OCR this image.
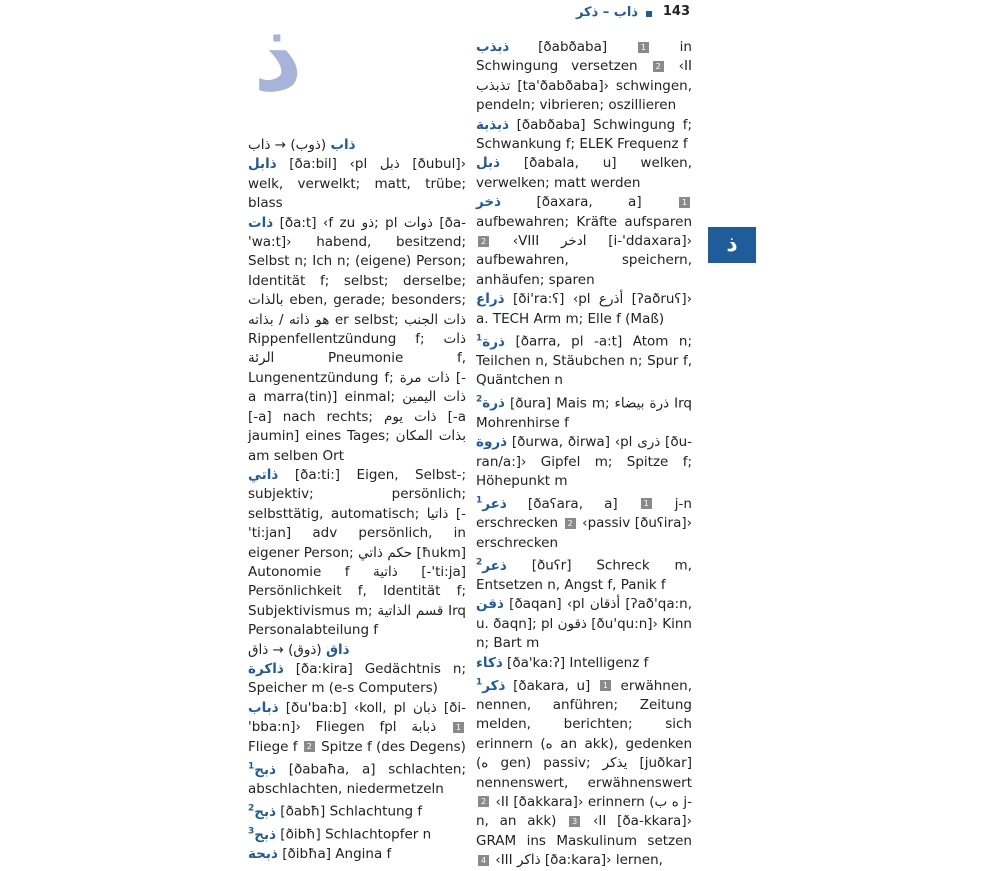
ذاب – ذكر 143
ذ
ذ

ذاب (ذوب) → ذاب

ذابل [ða:bil] ‹pl ذبل [ðubul]› welk, verwelkt; matt, trübe; blass

ذات [ða:t] ‹f zu ذو; pl ذوات [ða-'wa:t]› habend, besitzend; Selbst n; Ich n; (eigene) Person; Identität f; selbst; derselbe; بالذات eben, gerade; besonders; هو ذاته / بذاته er selbst; ذات الجنب Rippenfellentzündung f; ذات الرئة Pneumonie f, Lungenentzündung f; ذات مرة [-a marra(tin)] einmal; ذات اليمين [-a] nach rechts; ذات يوم [-a jaumin] eines Tages; بذات المكان am selben Ort

ذاتي [ða:ti:] Eigen, Selbst-; subjektiv; persönlich; selbsttätig, automatisch; ذاتيا [-'ti:jan] adv persönlich, in eigener Person; حكم ذاتي [ħukm] Autonomie f ذاتية [-'ti:ja] Persönlichkeit f, Identität f; Subjektivismus m; قسم الذاتية Irq Personalabteilung f

ذاق (ذوق) → ذاق

ذاكرة [ða:kira] Gedächtnis n; Speicher m (e-s Computers)

ذباب [ðu'ba:b] ‹koll, pl ذبان [ði-'bba:n]› Fliegen fpl ذبابة 1 Fliege f 2 Spitze f (des Degens)

$^1$ذبح [ðabaħa, a] schlachten; abschlachten, niedermetzeln

$^2$ذبح [ðabħ] Schlachtung f

$^3$ذبح [ðibħ] Schlachtopfer n

ذبحة [ðibħa] Angina f

ذبذب [ðabðaba] 1 in Schwingung versetzen 2 ‹II تذبذب [ta'ðabðaba]› schwingen, pendeln; vibrieren; oszillieren

ذبذبة [ðabðaba] Schwingung f; Schwankung f; ELEK Frequenz f

ذبل [ðabala, u] welken, verwelken; matt werden

ذخر	[ðaxara, a] 1 aufbewahren; Kräfte aufsparen 2 ‹VIII ادخر [i-'ddaxara]› aufbewahren, speichern, anhäufen; sparen

ذراع [ði'ra:ʕ] ‹pl أذرع [ʔaðruʕ]› a. TECH Arm m; Elle f (Maß)

$^1$ذرة [ðarra, pl -a:t] Atom n; Teilchen n, Stäubchen n; Spur f, Quäntchen n

$^2$ذرة [ðura] Mais m; ذرة بيضاء Irq Mohrenhirse f

ذروة [ðurwa, ðirwa] ‹pl ذرى [ðu-ran/a:]› Gipfel m; Spitze f; Höhepunkt m

$^1$ذعر [ðaʕara, a] 1 j-n erschrecken 2 ‹passiv [ðuʕira]› erschrecken

$^2$ذعر [ðuʕr] Schreck m, Entsetzen n, Angst f, Panik f

ذقن [ðaqan] ‹pl أذقان [ʔað'qa:n, u. ðaqn]; pl ذقون [ðu'qu:n]› Kinn n; Bart m

ذكاء [ða'ka:ʔ] Intelligenz f

$^1$ذكر [ðakara, u] 1 erwähnen, nennen, anführen; Zeitung melden, berichten; sich erinnern (ه an akk), gedenken (ه gen) passiv; يذكر [juðkar] nennenswert, erwähnenswert 2 ‹II [ðakkara]› erinnern (ه ب j-n, an akk) 3 ‹II [ða-kkara]› GRAM ins Maskulinum setzen 4 ‹III ذاكر [ða:kara]› lernen,
